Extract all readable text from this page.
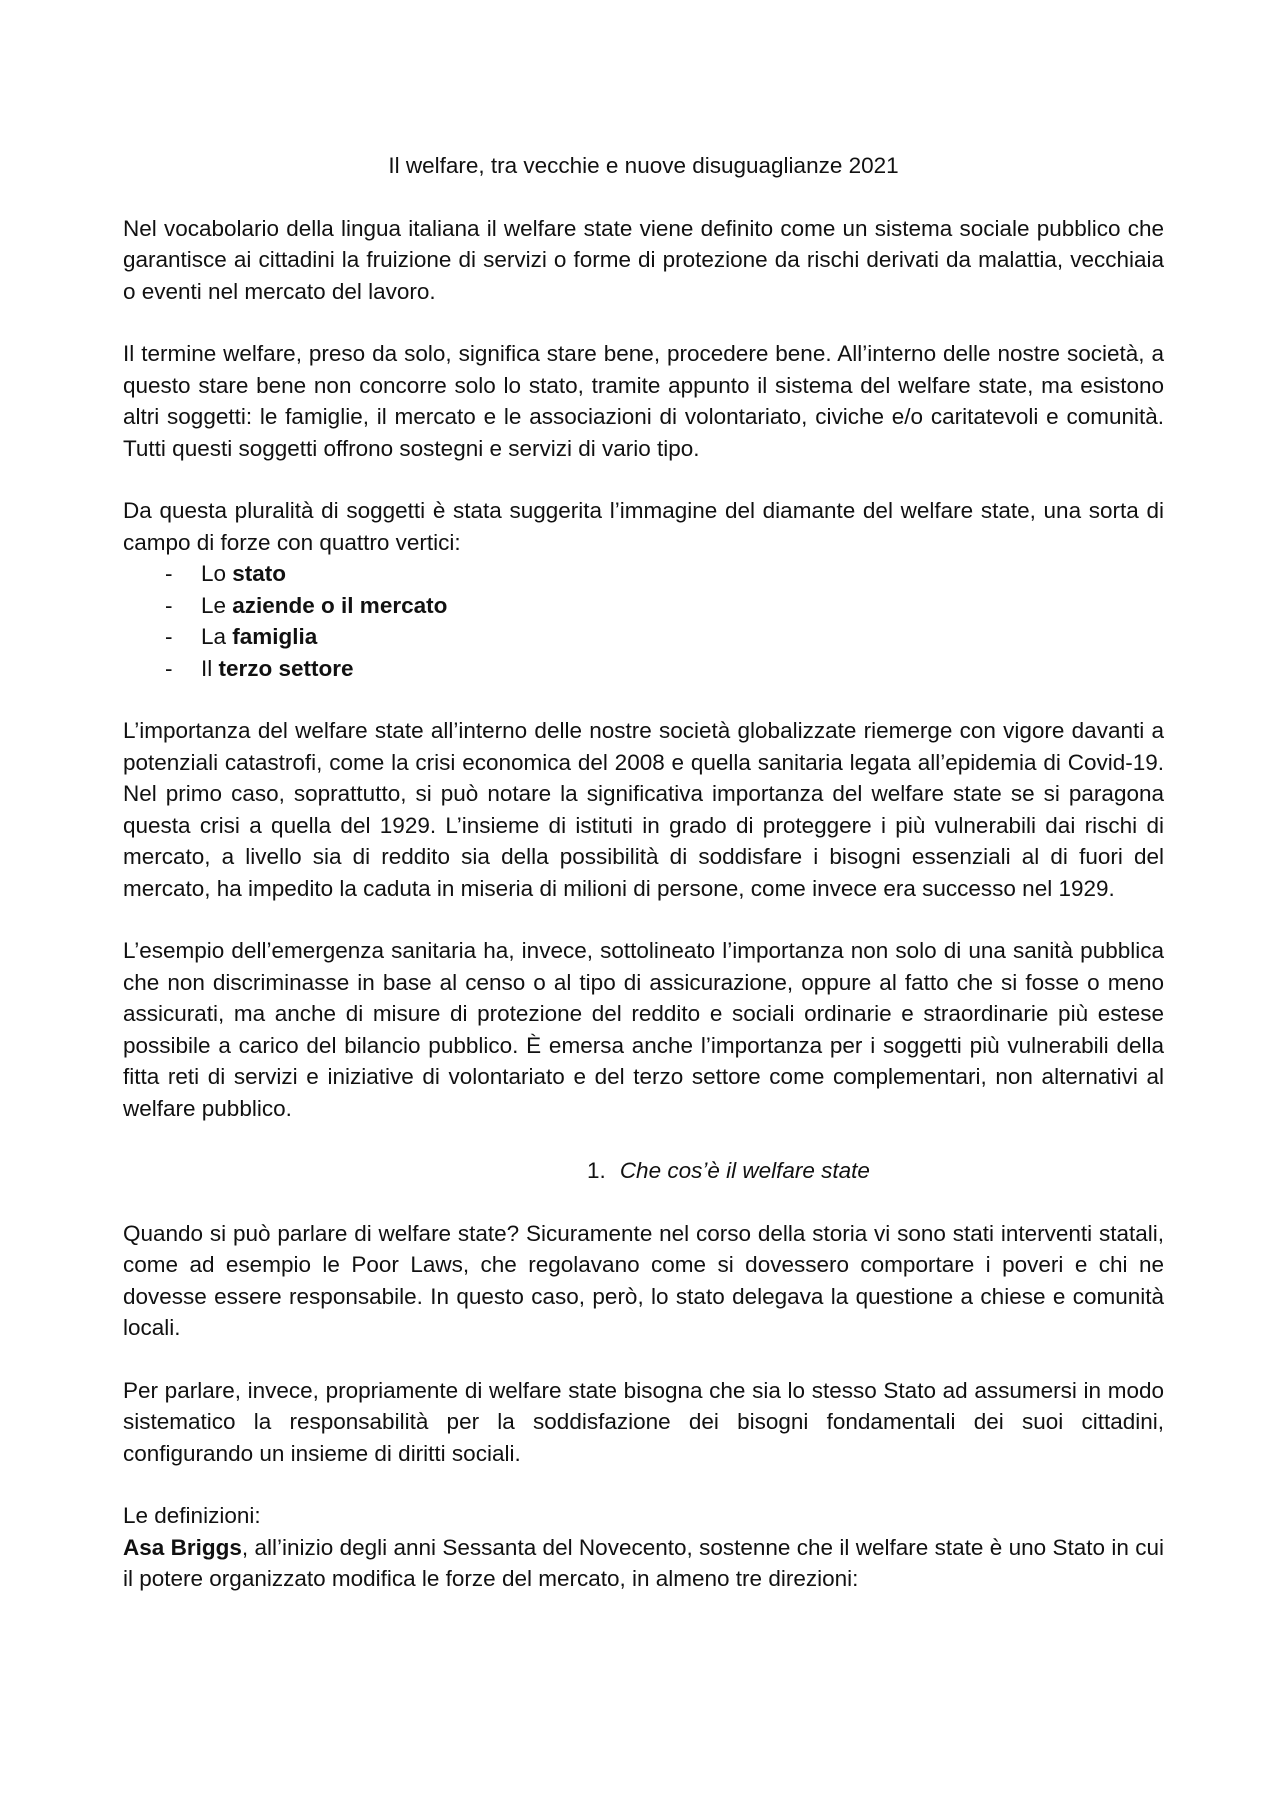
Il welfare, tra vecchie e nuove disuguaglianze 2021

Nel vocabolario della lingua italiana il welfare state viene definito come un sistema sociale pubblico che garantisce ai cittadini la fruizione di servizi o forme di protezione da rischi derivati da malattia, vecchiaia o eventi nel mercato del lavoro.

Il termine welfare, preso da solo, significa stare bene, procedere bene. All’interno delle nostre società, a questo stare bene non concorre solo lo stato, tramite appunto il sistema del welfare state, ma esistono altri soggetti: le famiglie, il mercato e le associazioni di volontariato, civiche e/o caritatevoli e comunità. Tutti questi soggetti offrono sostegni e servizi di vario tipo.

Da questa pluralità di soggetti è stata suggerita l’immagine del diamante del welfare state, una sorta di campo di forze con quattro vertici:

- Lo stato
- Le aziende o il mercato
- La famiglia
- Il terzo settore

L’importanza del welfare state all’interno delle nostre società globalizzate riemerge con vigore davanti a potenziali catastrofi, come la crisi economica del 2008 e quella sanitaria legata all’epidemia di Covid-19. Nel primo caso, soprattutto, si può notare la significativa importanza del welfare state se si paragona questa crisi a quella del 1929. L’insieme di istituti in grado di proteggere i più vulnerabili dai rischi di mercato, a livello sia di reddito sia della possibilità di soddisfare i bisogni essenziali al di fuori del mercato, ha impedito la caduta in miseria di milioni di persone, come invece era successo nel 1929.

L’esempio dell’emergenza sanitaria ha, invece, sottolineato l’importanza non solo di una sanità pubblica che non discriminasse in base al censo o al tipo di assicurazione, oppure al fatto che si fosse o meno assicurati, ma anche di misure di protezione del reddito e sociali ordinarie e straordinarie più estese possibile a carico del bilancio pubblico. È emersa anche l’importanza per i soggetti più vulnerabili della fitta reti di servizi e iniziative di volontariato e del terzo settore come complementari, non alternativi al welfare pubblico.

1. Che cos’è il welfare state

Quando si può parlare di welfare state? Sicuramente nel corso della storia vi sono stati interventi statali, come ad esempio le Poor Laws, che regolavano come si dovessero comportare i poveri e chi ne dovesse essere responsabile. In questo caso, però, lo stato delegava la questione a chiese e comunità locali.

Per parlare, invece, propriamente di welfare state bisogna che sia lo stesso Stato ad assumersi in modo sistematico la responsabilità per la soddisfazione dei bisogni fondamentali dei suoi cittadini, configurando un insieme di diritti sociali.

Le definizioni:

Asa Briggs, all’inizio degli anni Sessanta del Novecento, sostenne che il welfare state è uno Stato in cui il potere organizzato modifica le forze del mercato, in almeno tre direzioni:
